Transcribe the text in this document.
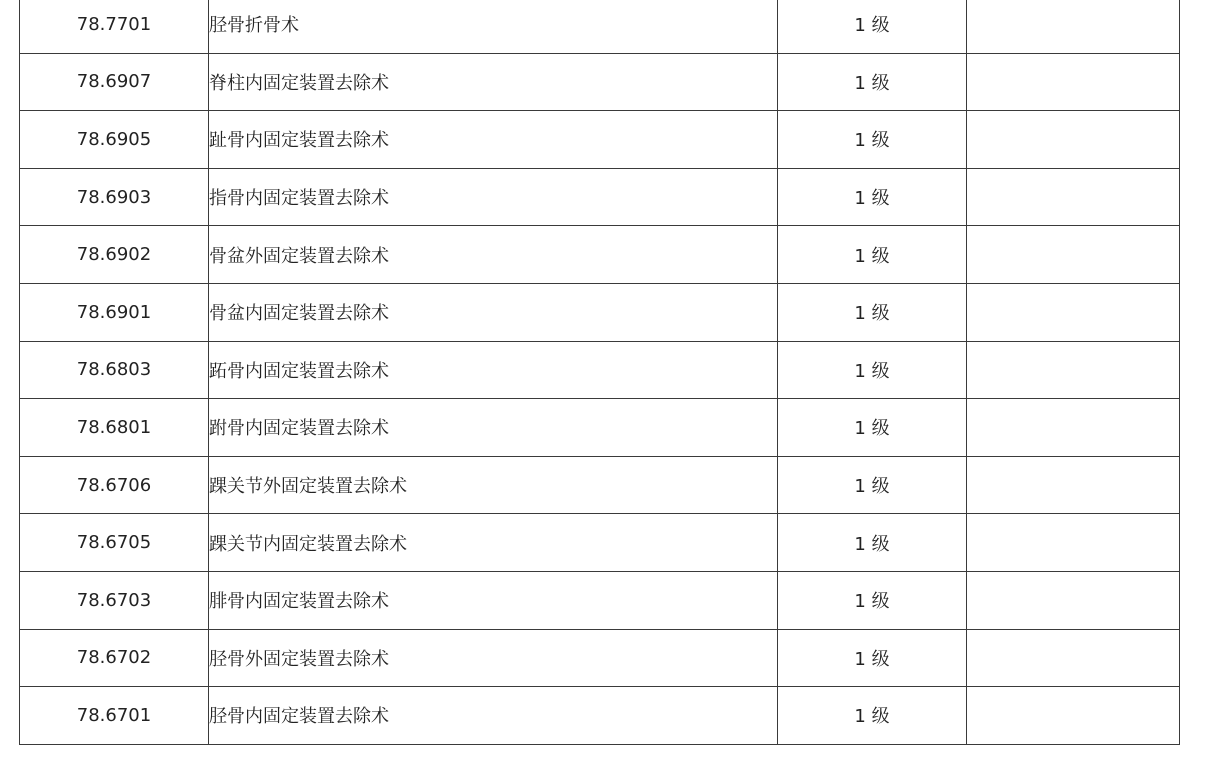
78.7701	胫骨折骨术	1 级	
78.6907	脊柱内固定装置去除术	1 级	
78.6905	趾骨内固定装置去除术	1 级	
78.6903	指骨内固定装置去除术	1 级	
78.6902	骨盆外固定装置去除术	1 级	
78.6901	骨盆内固定装置去除术	1 级	
78.6803	跖骨内固定装置去除术	1 级	
78.6801	跗骨内固定装置去除术	1 级	
78.6706	踝关节外固定装置去除术	1 级	
78.6705	踝关节内固定装置去除术	1 级	
78.6703	腓骨内固定装置去除术	1 级	
78.6702	胫骨外固定装置去除术	1 级	
78.6701	胫骨内固定装置去除术	1 级	
